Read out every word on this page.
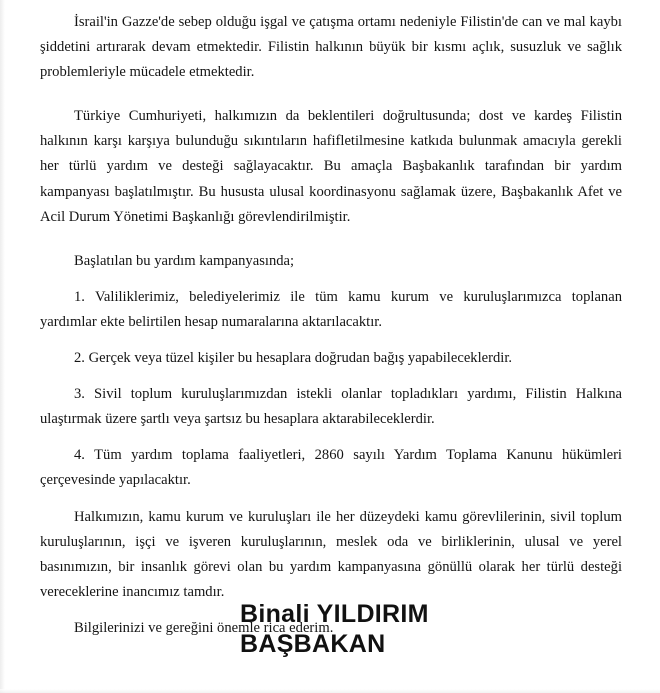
İsrail'in Gazze'de sebep olduğu işgal ve çatışma ortamı nedeniyle Filistin'de can ve mal kaybı şiddetini artırarak devam etmektedir. Filistin halkının büyük bir kısmı açlık, susuzluk ve sağlık problemleriyle mücadele etmektedir.

Türkiye Cumhuriyeti, halkımızın da beklentileri doğrultusunda; dost ve kardeş Filistin halkının karşı karşıya bulunduğu sıkıntıların hafifletilmesine katkıda bulunmak amacıyla gerekli her türlü yardım ve desteği sağlayacaktır. Bu amaçla Başbakanlık tarafından bir yardım kampanyası başlatılmıştır. Bu hususta ulusal koordinasyonu sağlamak üzere, Başbakanlık Afet ve Acil Durum Yönetimi Başkanlığı görevlendirilmiştir.

Başlatılan bu yardım kampanyasında;

1. Valiliklerimiz, belediyelerimiz ile tüm kamu kurum ve kuruluşlarımızca toplanan yardımlar ekte belirtilen hesap numaralarına aktarılacaktır.

2. Gerçek veya tüzel kişiler bu hesaplara doğrudan bağış yapabileceklerdir.

3. Sivil toplum kuruluşlarımızdan istekli olanlar topladıkları yardımı, Filistin Halkına ulaştırmak üzere şartlı veya şartsız bu hesaplara aktarabileceklerdir.

4. Tüm yardım toplama faaliyetleri, 2860 sayılı Yardım Toplama Kanunu hükümleri çerçevesinde yapılacaktır.

Halkımızın, kamu kurum ve kuruluşları ile her düzeydeki kamu görevlilerinin, sivil toplum kuruluşlarının, işçi ve işveren kuruluşlarının, meslek oda ve birliklerinin, ulusal ve yerel basınımızın, bir insanlık görevi olan bu yardım kampanyasına gönüllü olarak her türlü desteği vereceklerine inancımız tamdır.

Bilgilerinizi ve gereğini önemle rica ederim.

Binali YILDIRIM
BAŞBAKAN
